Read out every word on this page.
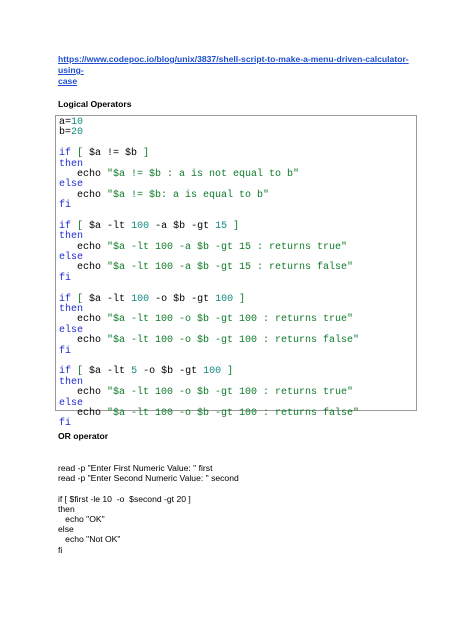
https://www.codepoc.io/blog/unix/3837/shell-script-to-make-a-menu-driven-calculator-using-
case
Logical Operators
a=10
b=20
if [ $a != $b ]
then
echo "$a != $b : a is not equal to b"
else
echo "$a != $b: a is equal to b"
fi
if [ $a -lt 100 -a $b -gt 15 ]
then
echo "$a -lt 100 -a $b -gt 15 : returns true"
else
echo "$a -lt 100 -a $b -gt 15 : returns false"
fi
if [ $a -lt 100 -o $b -gt 100 ]
then
echo "$a -lt 100 -o $b -gt 100 : returns true"
else
echo "$a -lt 100 -o $b -gt 100 : returns false"
fi
if [ $a -lt 5 -o $b -gt 100 ]
then
echo "$a -lt 100 -o $b -gt 100 : returns true"
else
echo "$a -lt 100 -o $b -gt 100 : returns false"
fi
OR operator
read -p "Enter First Numeric Value: " first
read -p "Enter Second Numeric Value: " second
if [ $first -le 10  -o  $second -gt 20 ]
then
echo "OK"
else
echo "Not OK"
fi
